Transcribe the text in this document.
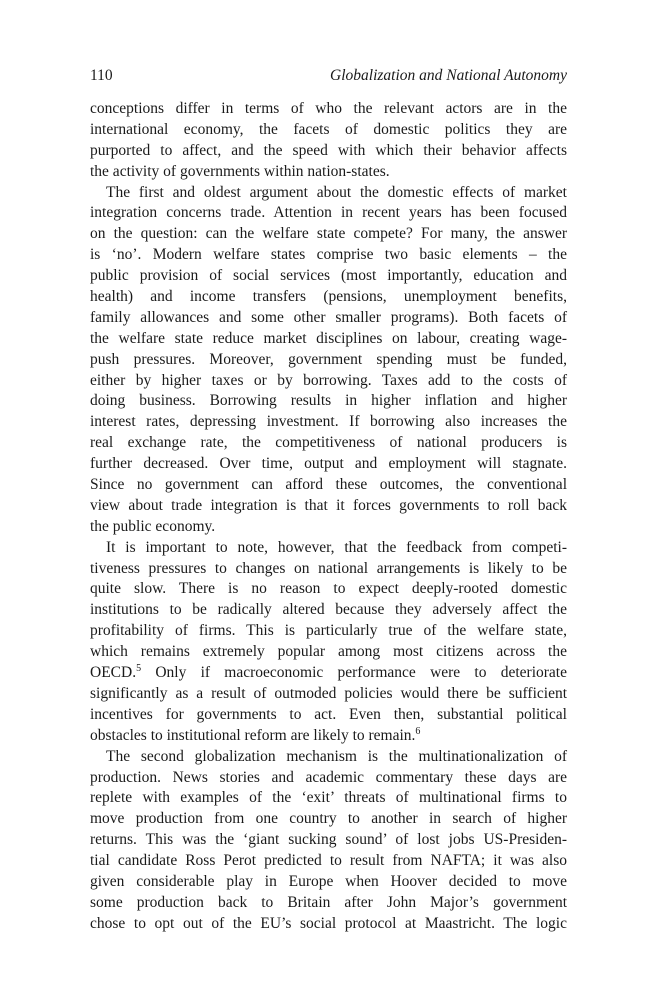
110	Globalization and National Autonomy
conceptions differ in terms of who the relevant actors are in the
international economy, the facets of domestic politics they are
purported to affect, and the speed with which their behavior affects
the activity of governments within nation-states.
The first and oldest argument about the domestic effects of market
integration concerns trade. Attention in recent years has been focused
on the question: can the welfare state compete? For many, the answer
is ‘no’. Modern welfare states comprise two basic elements – the
public provision of social services (most importantly, education and
health) and income transfers (pensions, unemployment benefits,
family allowances and some other smaller programs). Both facets of
the welfare state reduce market disciplines on labour, creating wage-
push pressures. Moreover, government spending must be funded,
either by higher taxes or by borrowing. Taxes add to the costs of
doing business. Borrowing results in higher inflation and higher
interest rates, depressing investment. If borrowing also increases the
real exchange rate, the competitiveness of national producers is
further decreased. Over time, output and employment will stagnate.
Since no government can afford these outcomes, the conventional
view about trade integration is that it forces governments to roll back
the public economy.
It is important to note, however, that the feedback from competi-
tiveness pressures to changes on national arrangements is likely to be
quite slow. There is no reason to expect deeply-rooted domestic
institutions to be radically altered because they adversely affect the
profitability of firms. This is particularly true of the welfare state,
which remains extremely popular among most citizens across the
OECD.$^5$ Only if macroeconomic performance were to deteriorate
significantly as a result of outmoded policies would there be sufficient
incentives for governments to act. Even then, substantial political
obstacles to institutional reform are likely to remain.$^6$
The second globalization mechanism is the multinationalization of
production. News stories and academic commentary these days are
replete with examples of the ‘exit’ threats of multinational firms to
move production from one country to another in search of higher
returns. This was the ‘giant sucking sound’ of lost jobs US-Presiden-
tial candidate Ross Perot predicted to result from NAFTA; it was also
given considerable play in Europe when Hoover decided to move
some production back to Britain after John Major’s government
chose to opt out of the EU’s social protocol at Maastricht. The logic
